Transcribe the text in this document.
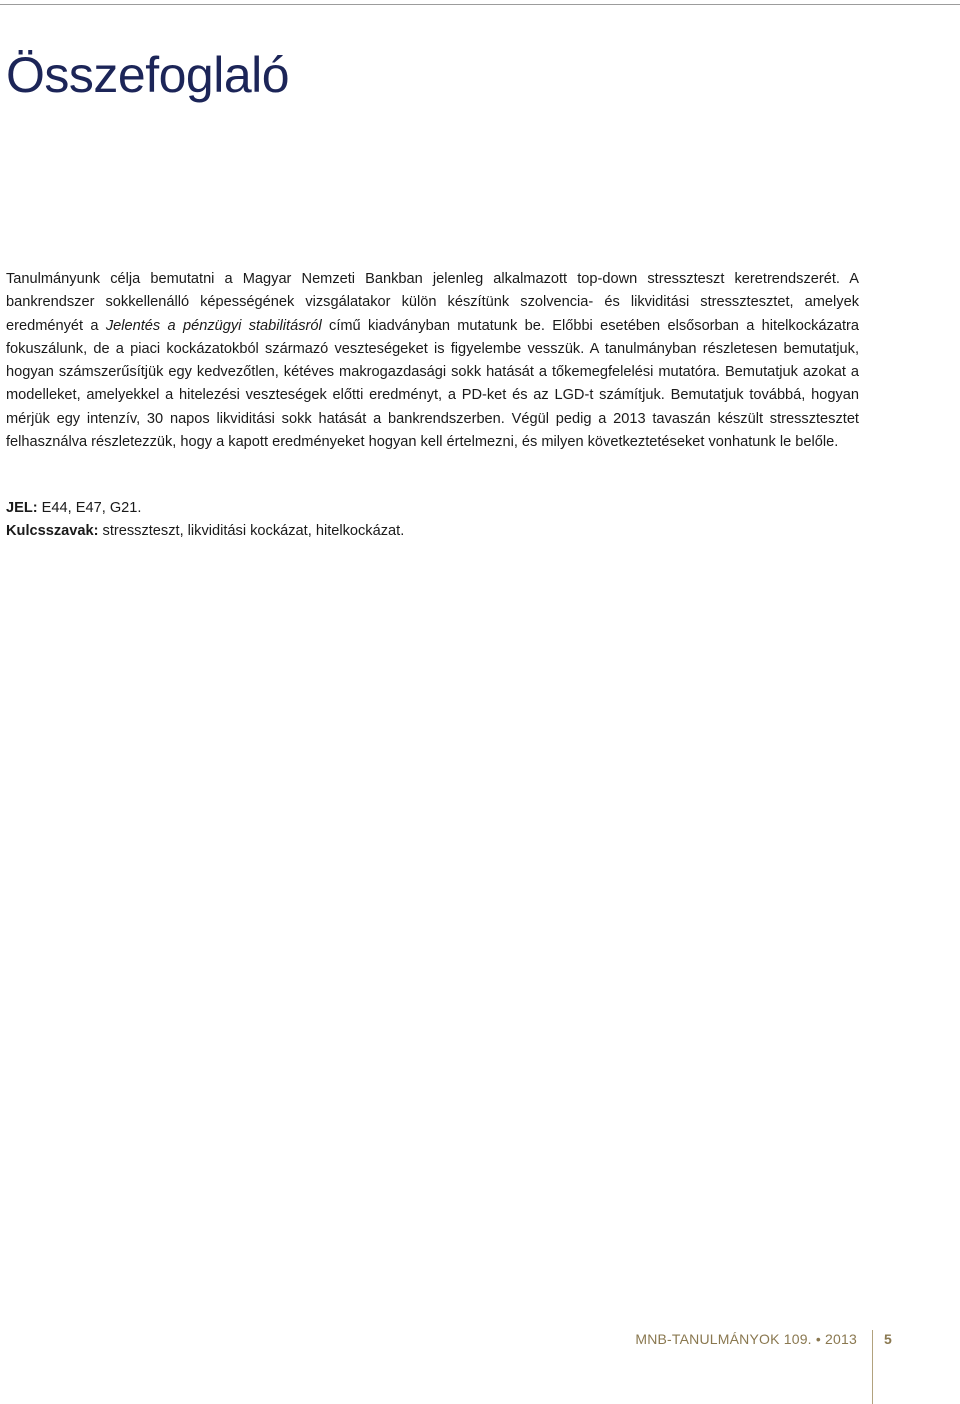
Összefoglaló

Tanulmányunk célja bemutatni a Magyar Nemzeti Bankban jelenleg alkalmazott top-down stresszteszt keretrendszerét. A bankrendszer sokkellenálló képességének vizsgálatakor külön készítünk szolvencia- és likviditási stressztesztet, amelyek eredményét a Jelentés a pénzügyi stabilitásról című kiadványban mutatunk be. Előbbi esetében elsősorban a hitelkockázatra fokuszálunk, de a piaci kockázatokból származó veszteségeket is figyelembe vesszük. A tanulmányban részletesen bemutatjuk, hogyan számszerűsítjük egy kedvezőtlen, kétéves makrogazdasági sokk hatását a tőkemegfelelési mutatóra. Bemutatjuk azokat a modelleket, amelyekkel a hitelezési veszteségek előtti eredményt, a PD-ket és az LGD-t számítjuk. Bemutatjuk továbbá, hogyan mérjük egy intenzív, 30 napos likviditási sokk hatását a bankrendszerben. Végül pedig a 2013 tavaszán készült stressztesztet felhasználva részletezzük, hogy a kapott eredményeket hogyan kell értelmezni, és milyen következtetéseket vonhatunk le belőle.

JEL: E44, E47, G21.

Kulcsszavak: stresszteszt, likviditási kockázat, hitelkockázat.

MNB-TANULMÁNYOK 109. • 2013 5
